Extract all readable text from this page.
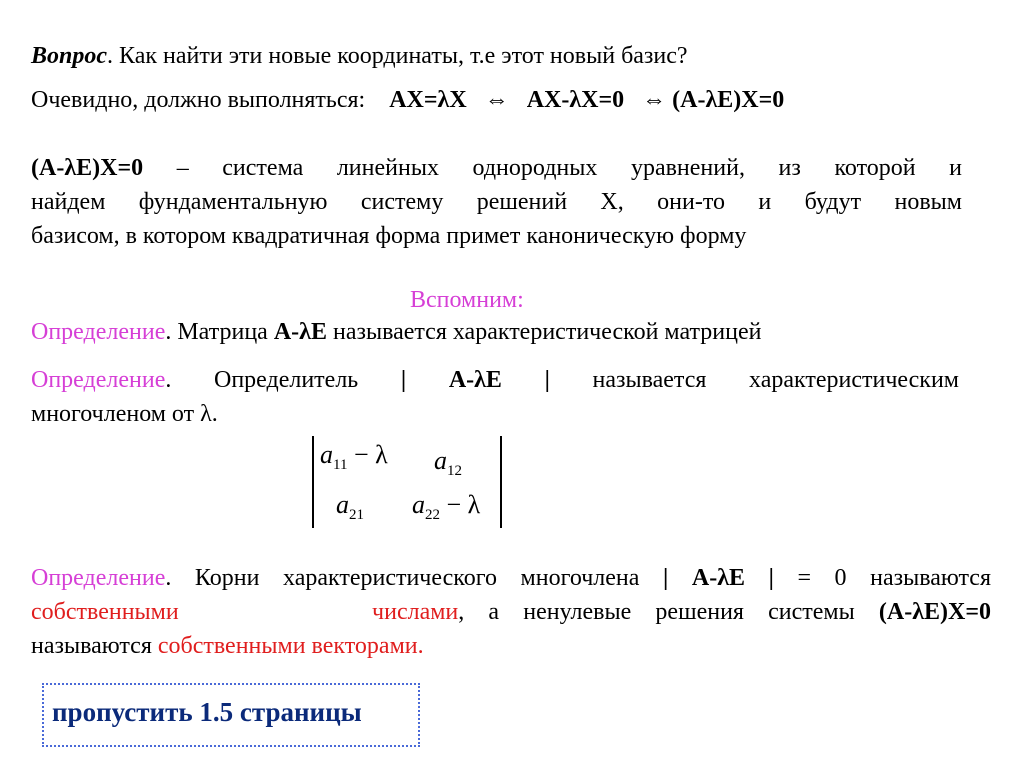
Вопрос. Как найти эти новые координаты, т.е этот новый базис?
Очевидно, должно выполняться: AX=λX ⇔ AX-λX=0 ⇔ (A-λE)X=0
(A-λE)X=0 – система линейных однородных уравнений, из которой и
найдем фундаментальную систему решений X, они-то и будут новым
базисом, в котором квадратичная форма примет каноническую форму
Вспомним:
Определение. Матрица A-λE называется характеристической матрицей
Определение. Определитель | A-λE | называется характеристическим
многочленом от λ.
$a_{11} - \lambda$ $a_{12}$
$a_{21}$ $a_{22} - \lambda$
Определение. Корни характеристического многочлена | A-λE | = 0 называются
собственными	числами, а ненулевые решения системы (A-λE)X=0
называются собственными векторами.
пропустить 1.5 страницы
